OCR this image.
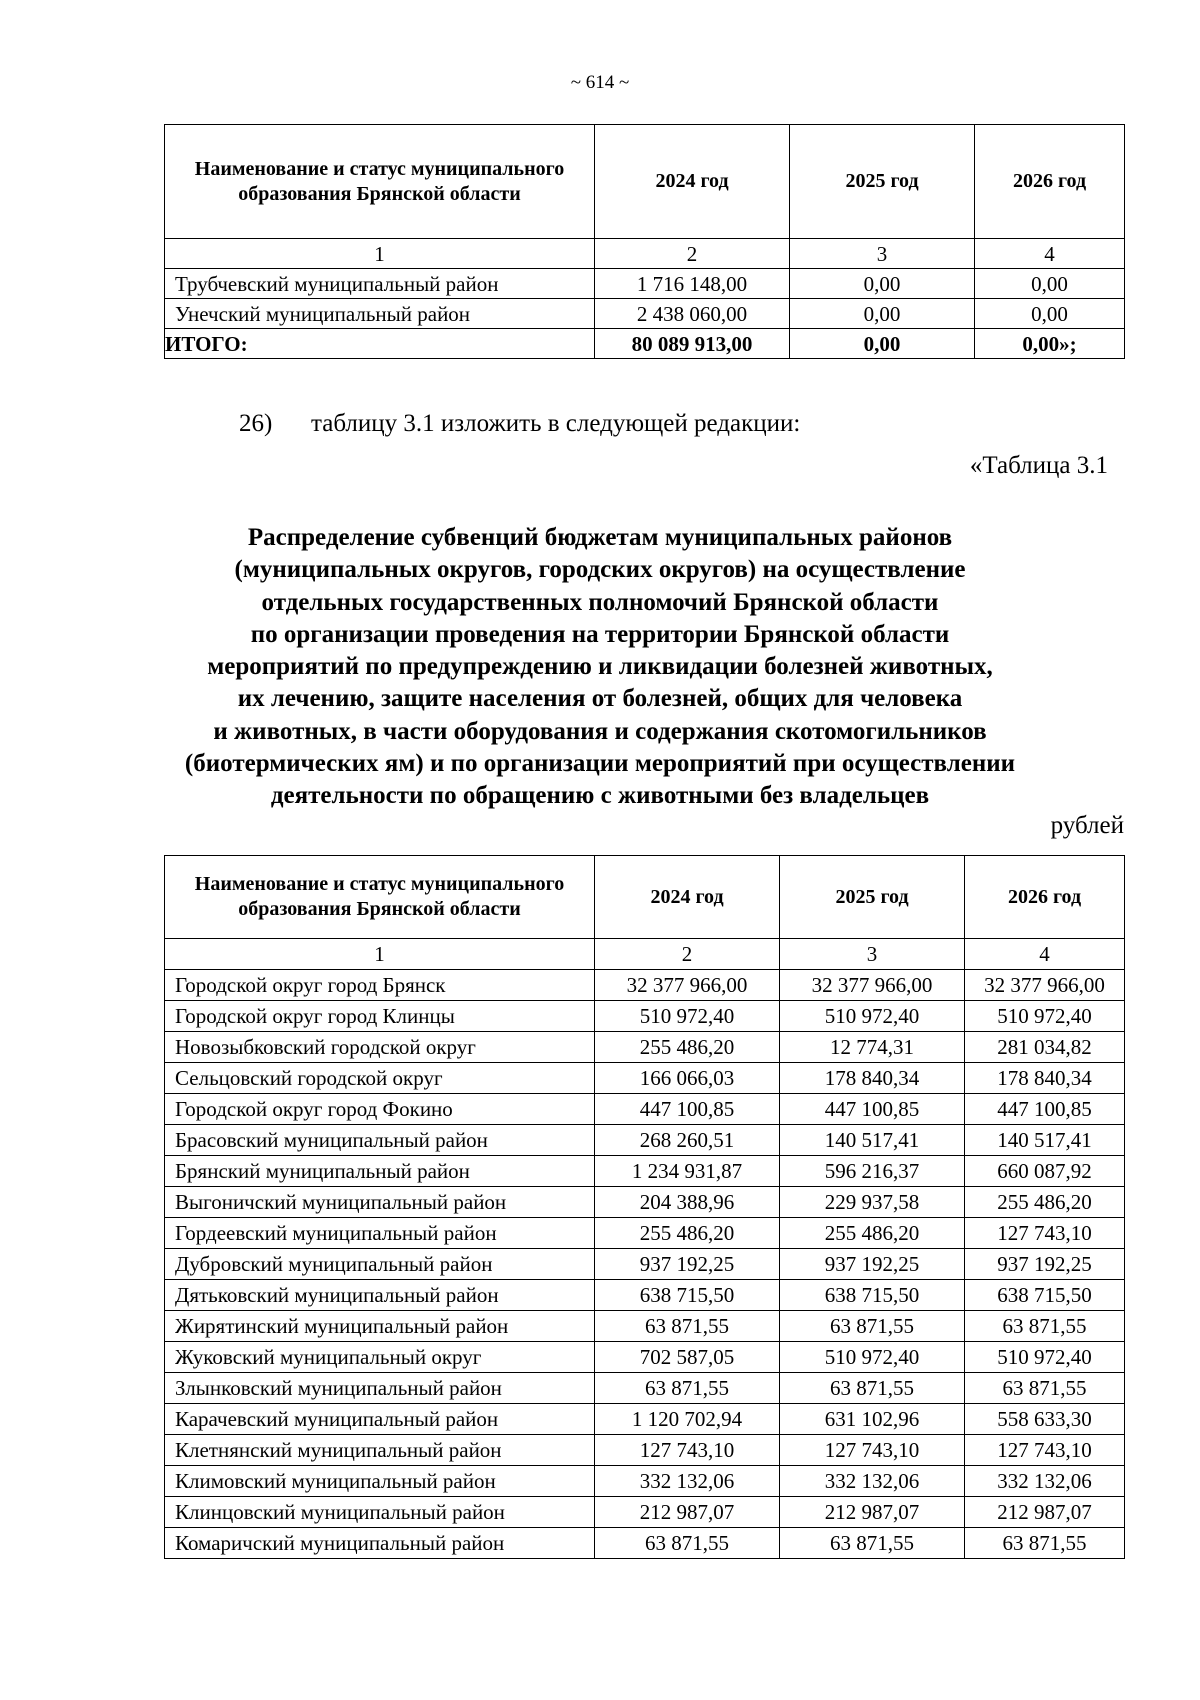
~ 614 ~
Наименование и статус муниципального образования Брянской области	2024 год	2025 год	2026 год
1	2	3	4
Трубчевский муниципальный район	1 716 148,00	0,00	0,00
Унечский муниципальный район	2 438 060,00	0,00	0,00
ИТОГО:	80 089 913,00	0,00	0,00»;
26) таблицу 3.1 изложить в следующей редакции:
«Таблица 3.1
Распределение субвенций бюджетам муниципальных районов
(муниципальных округов, городских округов) на осуществление
отдельных государственных полномочий Брянской области
по организации проведения на территории Брянской области
мероприятий по предупреждению и ликвидации болезней животных,
их лечению, защите населения от болезней, общих для человека
и животных, в части оборудования и содержания скотомогильников
(биотермических ям) и по организации мероприятий при осуществлении
деятельности по обращению с животными без владельцев
рублей
Наименование и статус муниципального образования Брянской области	2024 год	2025 год	2026 год
1	2	3	4
Городской округ город Брянск	32 377 966,00	32 377 966,00	32 377 966,00
Городской округ город Клинцы	510 972,40	510 972,40	510 972,40
Новозыбковский городской округ	255 486,20	12 774,31	281 034,82
Сельцовский городской округ	166 066,03	178 840,34	178 840,34
Городской округ город Фокино	447 100,85	447 100,85	447 100,85
Брасовский муниципальный район	268 260,51	140 517,41	140 517,41
Брянский муниципальный район	1 234 931,87	596 216,37	660 087,92
Выгоничский муниципальный район	204 388,96	229 937,58	255 486,20
Гордеевский муниципальный район	255 486,20	255 486,20	127 743,10
Дубровский муниципальный район	937 192,25	937 192,25	937 192,25
Дятьковский муниципальный район	638 715,50	638 715,50	638 715,50
Жирятинский муниципальный район	63 871,55	63 871,55	63 871,55
Жуковский муниципальный округ	702 587,05	510 972,40	510 972,40
Злынковский муниципальный район	63 871,55	63 871,55	63 871,55
Карачевский муниципальный район	1 120 702,94	631 102,96	558 633,30
Клетнянский муниципальный район	127 743,10	127 743,10	127 743,10
Климовский муниципальный район	332 132,06	332 132,06	332 132,06
Клинцовский муниципальный район	212 987,07	212 987,07	212 987,07
Комаричский муниципальный район	63 871,55	63 871,55	63 871,55
